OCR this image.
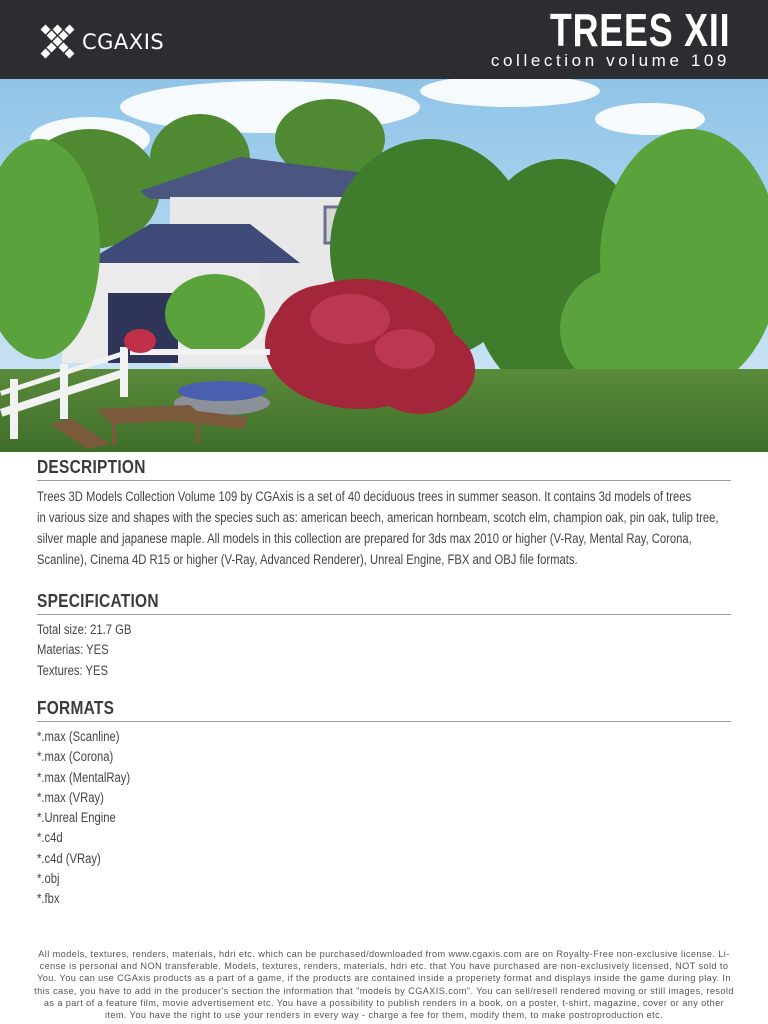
CGAXIS	TREES XII
collection volume 109
DESCRIPTION
Trees 3D Models Collection Volume 109 by CGAxis is a set of 40 deciduous trees in summer season. It contains 3d models of trees
in various size and shapes with the species such as: american beech, american hornbeam, scotch elm, champion oak, pin oak, tulip tree,
silver maple and japanese maple. All models in this collection are prepared for 3ds max 2010 or higher (V-Ray, Mental Ray, Corona,
Scanline), Cinema 4D R15 or higher (V-Ray, Advanced Renderer), Unreal Engine, FBX and OBJ file formats.
SPECIFICATION
Total size: 21.7 GB
Materias: YES
Textures: YES
FORMATS
*.max (Scanline)
*.max (Corona)
*.max (MentalRay)
*.max (VRay)
*.Unreal Engine
*.c4d
*.c4d (VRay)
*.obj
*.fbx
All models, textures, renders, materials, hdri etc. which can be purchased/downloaded from www.cgaxis.com are on Royalty-Free non-exclusive license. Li-
cense is personal and NON transferable. Models, textures, renders, materials, hdri etc. that You have purchased are non-exclusively licensed, NOT sold to
You. You can use CGAxis products as a part of a game, if the products are contained inside a properiety format and displays inside the game during play. In
this case, you have to add in the producer's section the information that "models by CGAXIS.com". You can sell/resell rendered moving or still images, resold
as a part of a feature film, movie advertisement etc. You have a possibility to publish renders in a book, on a poster, t-shirt, magazine, cover or any other
item. You have the right to use your renders in every way - charge a fee for them, modify them, to make postroproduction etc.
